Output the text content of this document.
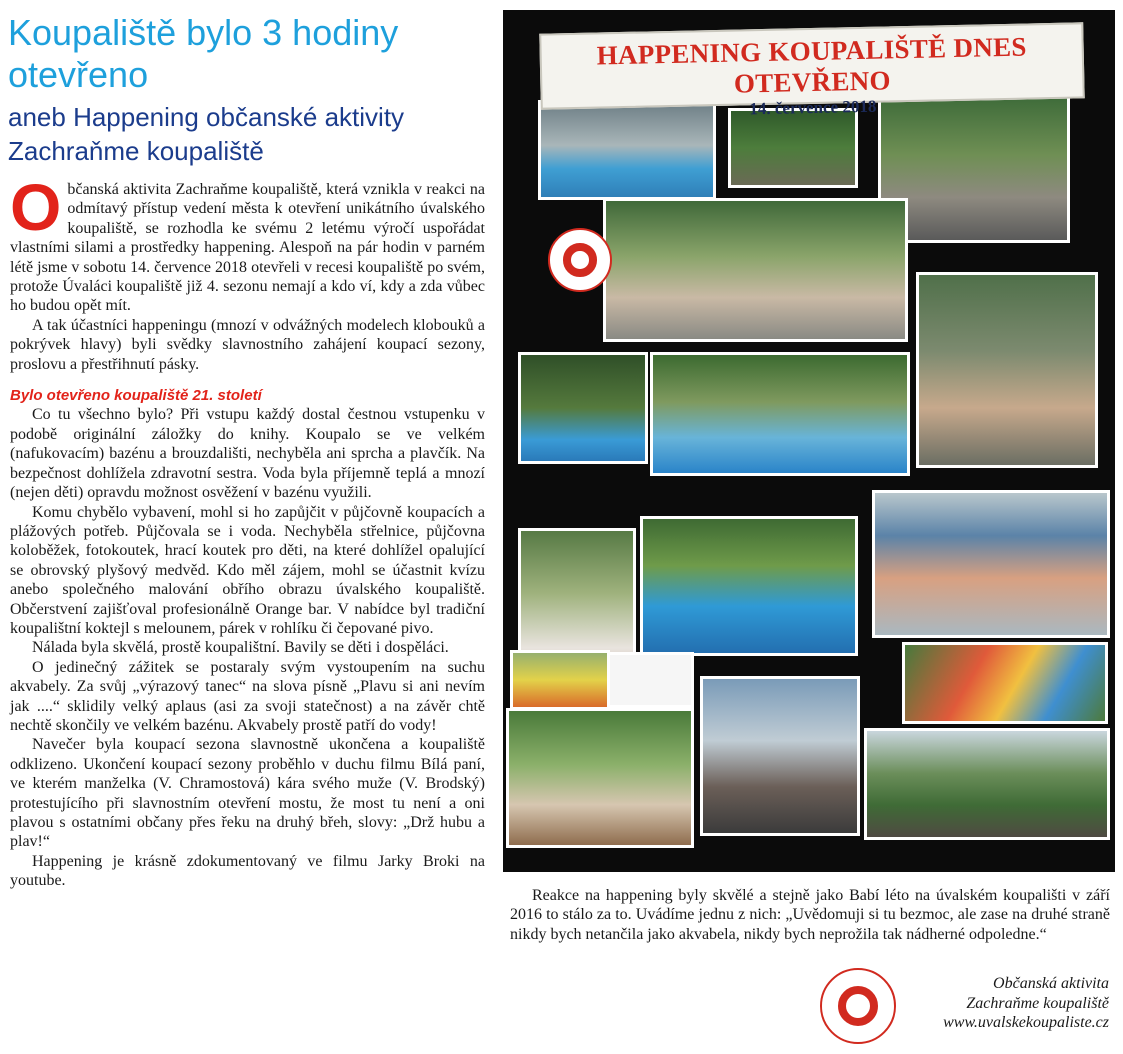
Koupaliště bylo 3 hodiny otevřeno
aneb Happening občanské aktivity Zachraňme koupaliště

Občanská aktivita Zachraňme koupaliště, která vznikla v reakci na odmítavý přístup vedení města k otevření unikátního úvalského koupaliště, se rozhodla ke svému 2 letému výročí uspořádat vlastními silami a prostředky happening. Alespoň na pár hodin v parném létě jsme v sobotu 14. července 2018 otevřeli v recesi koupaliště po svém, protože Úvaláci koupaliště již 4. sezonu nemají a kdo ví, kdy a zda vůbec ho budou opět mít.

A tak účastníci happeningu (mnozí v odvážných modelech klobouků a pokrývek hlavy) byli svědky slavnostního zahájení koupací sezony, proslovu a přestřihnutí pásky.

Bylo otevřeno koupaliště 21. století

Co tu všechno bylo? Při vstupu každý dostal čestnou vstupenku v podobě originální záložky do knihy. Koupalo se ve velkém (nafukovacím) bazénu a brouzdališti, nechyběla ani sprcha a plavčík. Na bezpečnost dohlížela zdravotní sestra. Voda byla příjemně teplá a mnozí (nejen děti) opravdu možnost osvěžení v bazénu využili.

Komu chybělo vybavení, mohl si ho zapůjčit v půjčovně koupacích a plážových potřeb. Půjčovala se i voda. Nechyběla střelnice, půjčovna koloběžek, fotokoutek, hrací koutek pro děti, na které dohlížel opalující se obrovský plyšový medvěd. Kdo měl zájem, mohl se účastnit kvízu anebo společného malování obřího obrazu úvalského koupaliště. Občerstvení zajišťoval profesionálně Orange bar. V nabídce byl tradiční koupalištní koktejl s melounem, párek v rohlíku či čepované pivo.

Nálada byla skvělá, prostě koupalištní. Bavily se děti i dospěláci.

O jedinečný zážitek se postaraly svým vystoupením na suchu akvabely. Za svůj „výrazový tanec“ na slova písně „Plavu si ani nevím jak ....“ sklidily velký aplaus (asi za svoji statečnost) a na závěr chtě nechtě skončily ve velkém bazénu. Akvabely prostě patří do vody!

Navečer byla koupací sezona slavnostně ukončena a koupaliště odklizeno. Ukončení koupací sezony proběhlo v duchu filmu Bílá paní, ve kterém manželka (V. Chramostová) kára svého muže (V. Brodský) protestujícího při slavnostním otevření mostu, že most tu není a oni plavou s ostatními občany přes řeku na druhý břeh, slovy: „Drž hubu a plav!“

Happening je krásně zdokumentovaný ve filmu Jarky Broki na youtube.

HAPPENING KOUPALIŠTĚ DNES OTEVŘENO
14. července 2018

Reakce na happening byly skvělé a stejně jako Babí léto na úvalském koupališti v září 2016 to stálo za to. Uvádíme jednu z nich: „Uvědomuji si tu bezmoc, ale zase na druhé straně nikdy bych netančila jako akvabela, nikdy bych neprožila tak nádherné odpoledne.“

Občanská aktivita
Zachraňme koupaliště
www.uvalskekoupaliste.cz
